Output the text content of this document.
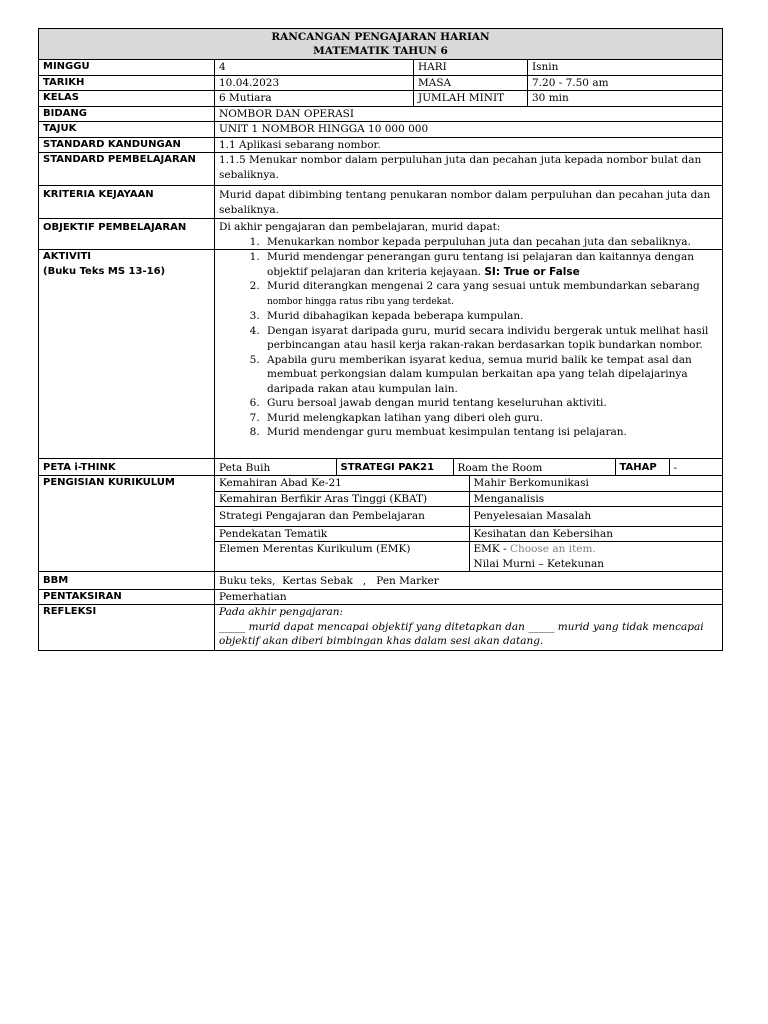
RANCANGAN PENGAJARAN HARIAN
MATEMATIK TAHUN 6

MINGGU	4	HARI	Isnin
TARIKH	10.04.2023	MASA	7.20 - 7.50 am
KELAS	6 Mutiara	JUMLAH MINIT	30 min
BIDANG	NOMBOR DAN OPERASI
TAJUK	UNIT 1 NOMBOR HINGGA 10 000 000
STANDARD KANDUNGAN	1.1 Aplikasi sebarang nombor.
STANDARD PEMBELAJARAN	1.1.5 Menukar nombor dalam perpuluhan juta dan pecahan juta kepada nombor bulat dan sebaliknya.
KRITERIA KEJAYAAN	Murid dapat dibimbing tentang penukaran nombor dalam perpuluhan dan pecahan juta dan sebaliknya.
OBJEKTIF PEMBELAJARAN	Di akhir pengajaran dan pembelajaran, murid dapat:
1. Menukarkan nombor kepada perpuluhan juta dan pecahan juta dan sebaliknya.

AKTIVITI
(Buku Teks MS 13-16)

1. Murid mendengar penerangan guru tentang isi pelajaran dan kaitannya dengan objektif pelajaran dan kriteria kejayaan. SI: True or False
2. Murid diterangkan mengenai 2 cara yang sesuai untuk membundarkan sebarang nombor hingga ratus ribu yang terdekat.
3. Murid dibahagikan kepada beberapa kumpulan.
4. Dengan isyarat daripada guru, murid secara individu bergerak untuk melihat hasil perbincangan atau hasil kerja rakan-rakan berdasarkan topik bundarkan nombor.
5. Apabila guru memberikan isyarat kedua, semua murid balik ke tempat asal dan membuat perkongsian dalam kumpulan berkaitan apa yang telah dipelajarinya daripada rakan atau kumpulan lain.
6. Guru bersoal jawab dengan murid tentang keseluruhan aktiviti.
7. Murid melengkapkan latihan yang diberi oleh guru.
8. Murid mendengar guru membuat kesimpulan tentang isi pelajaran.

PETA i-THINK		Peta Buih	STRATEGI PAK21	Roam the Room	TAHAP	-

PENGISIAN KURIKULUM		Kemahiran Abad Ke-21	Mahir Berkomunikasi
Kemahiran Berfikir Aras Tinggi (KBAT)	Menganalisis
Strategi Pengajaran dan Pembelajaran	Penyelesaian Masalah
Pendekatan Tematik	Kesihatan dan Kebersihan
Elemen Merentas Kurikulum (EMK)	EMK - Choose an item.
Nilai Murni – Ketekunan

BBM	Buku teks,  Kertas Sebak   ,   Pen Marker
PENTAKSIRAN	Pemerhatian
REFLEKSI	Pada akhir pengajaran:
_____ murid dapat mencapai objektif yang ditetapkan dan _____ murid yang tidak mencapai objektif akan diberi bimbingan khas dalam sesi akan datang.
